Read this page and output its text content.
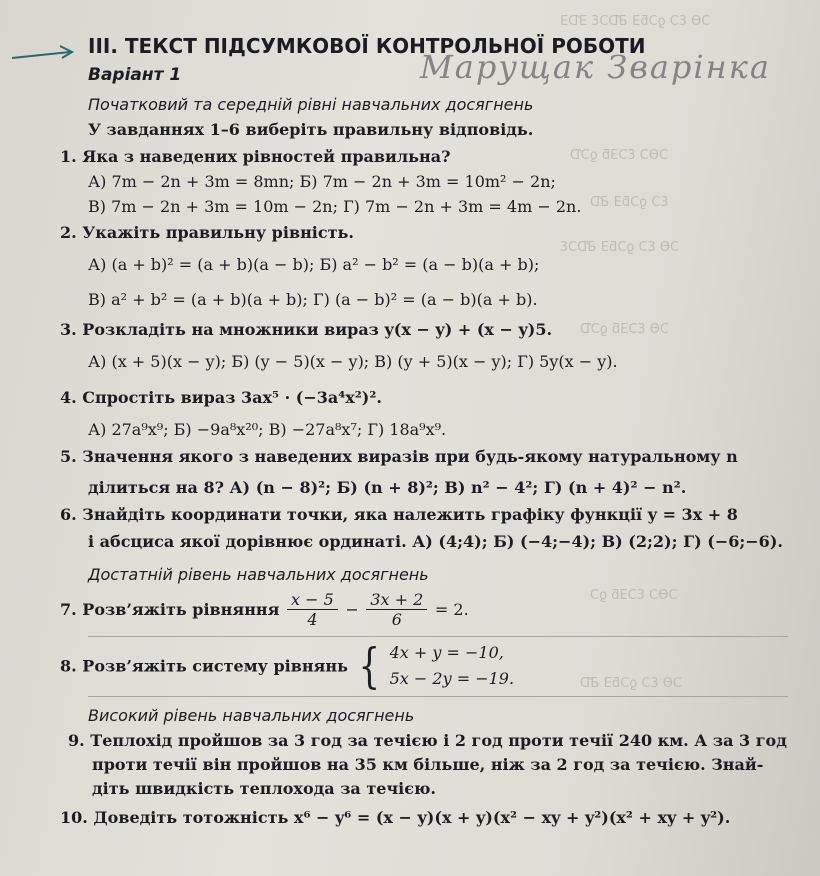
ƆƟ ƐƆ ƍƆƃƎ ƋƊƆƐ ƎƊƎ
ƆƟƆ ƐƆƎƃ ƍƆƊ
ƐƆ ƍƆƃƎ ƋƊ
ƆƟ ƐƆ ƍƆƃƎ ƋƊƆƐ
ƆƟ ƐƆƎƃ ƍƆƊ
ƆƟƆ ƐƆƎƃ ƍƆ
ƆƟ ƐƆ ƍƆƃƎ ƋƊ
Марущак Зварінка
ІІІ. ТЕКСТ ПІДСУМКОВОЇ КОНТРОЛЬНОЇ РОБОТИ
Варіант 1
Початковий та середній рівні навчальних досягнень
У завданнях 1–6 виберіть правильну відповідь.
1. Яка з наведених рівностей правильна?
А) 7m − 2n + 3m = 8mn; Б) 7m − 2n + 3m = 10m² − 2n;
В) 7m − 2n + 3m = 10m − 2n; Г) 7m − 2n + 3m = 4m − 2n.
2. Укажіть правильну рівність.
А) (a + b)² = (a + b)(a − b); Б) a² − b² = (a − b)(a + b);
В) a² + b² = (a + b)(a + b); Г) (a − b)² = (a − b)(a + b).
3. Розкладіть на множники вираз y(x − y) + (x − y)5.
А) (x + 5)(x − y); Б) (y − 5)(x − y); В) (y + 5)(x − y); Г) 5y(x − y).
4. Спростіть вираз 3ax⁵ · (−3a⁴x²)².
А) 27a⁹x⁹; Б) −9a⁸x²⁰; В) −27a⁸x⁷; Г) 18a⁹x⁹.
5. Значення якого з наведених виразів при будь-якому натуральному n
ділиться на 8? А) (n − 8)²; Б) (n + 8)²; В) n² − 4²; Г) (n + 4)² − n².
6. Знайдіть координати точки, яка належить графіку функції y = 3x + 8
і абсциса якої дорівнює ординаті. А) (4;4); Б) (−4;−4); В) (2;2); Г) (−6;−6).
Достатній рівень навчальних досягнень
7. Розв’яжіть рівняння $\frac{x - 5}{4} - \frac{3x + 2}{6} = 2$.
8. Розв’яжіть систему рівнянь { 4x + y = −10,
5x − 2y = −19.
Високий рівень навчальних досягнень
9. Теплохід пройшов за 3 год за течією і 2 год проти течії 240 км. А за 3 год
проти течії він пройшов на 35 км більше, ніж за 2 год за течією. Знай-
діть швидкість теплохода за течією.
10. Доведіть тотожність x⁶ − y⁶ = (x − y)(x + y)(x² − xy + y²)(x² + xy + y²).
